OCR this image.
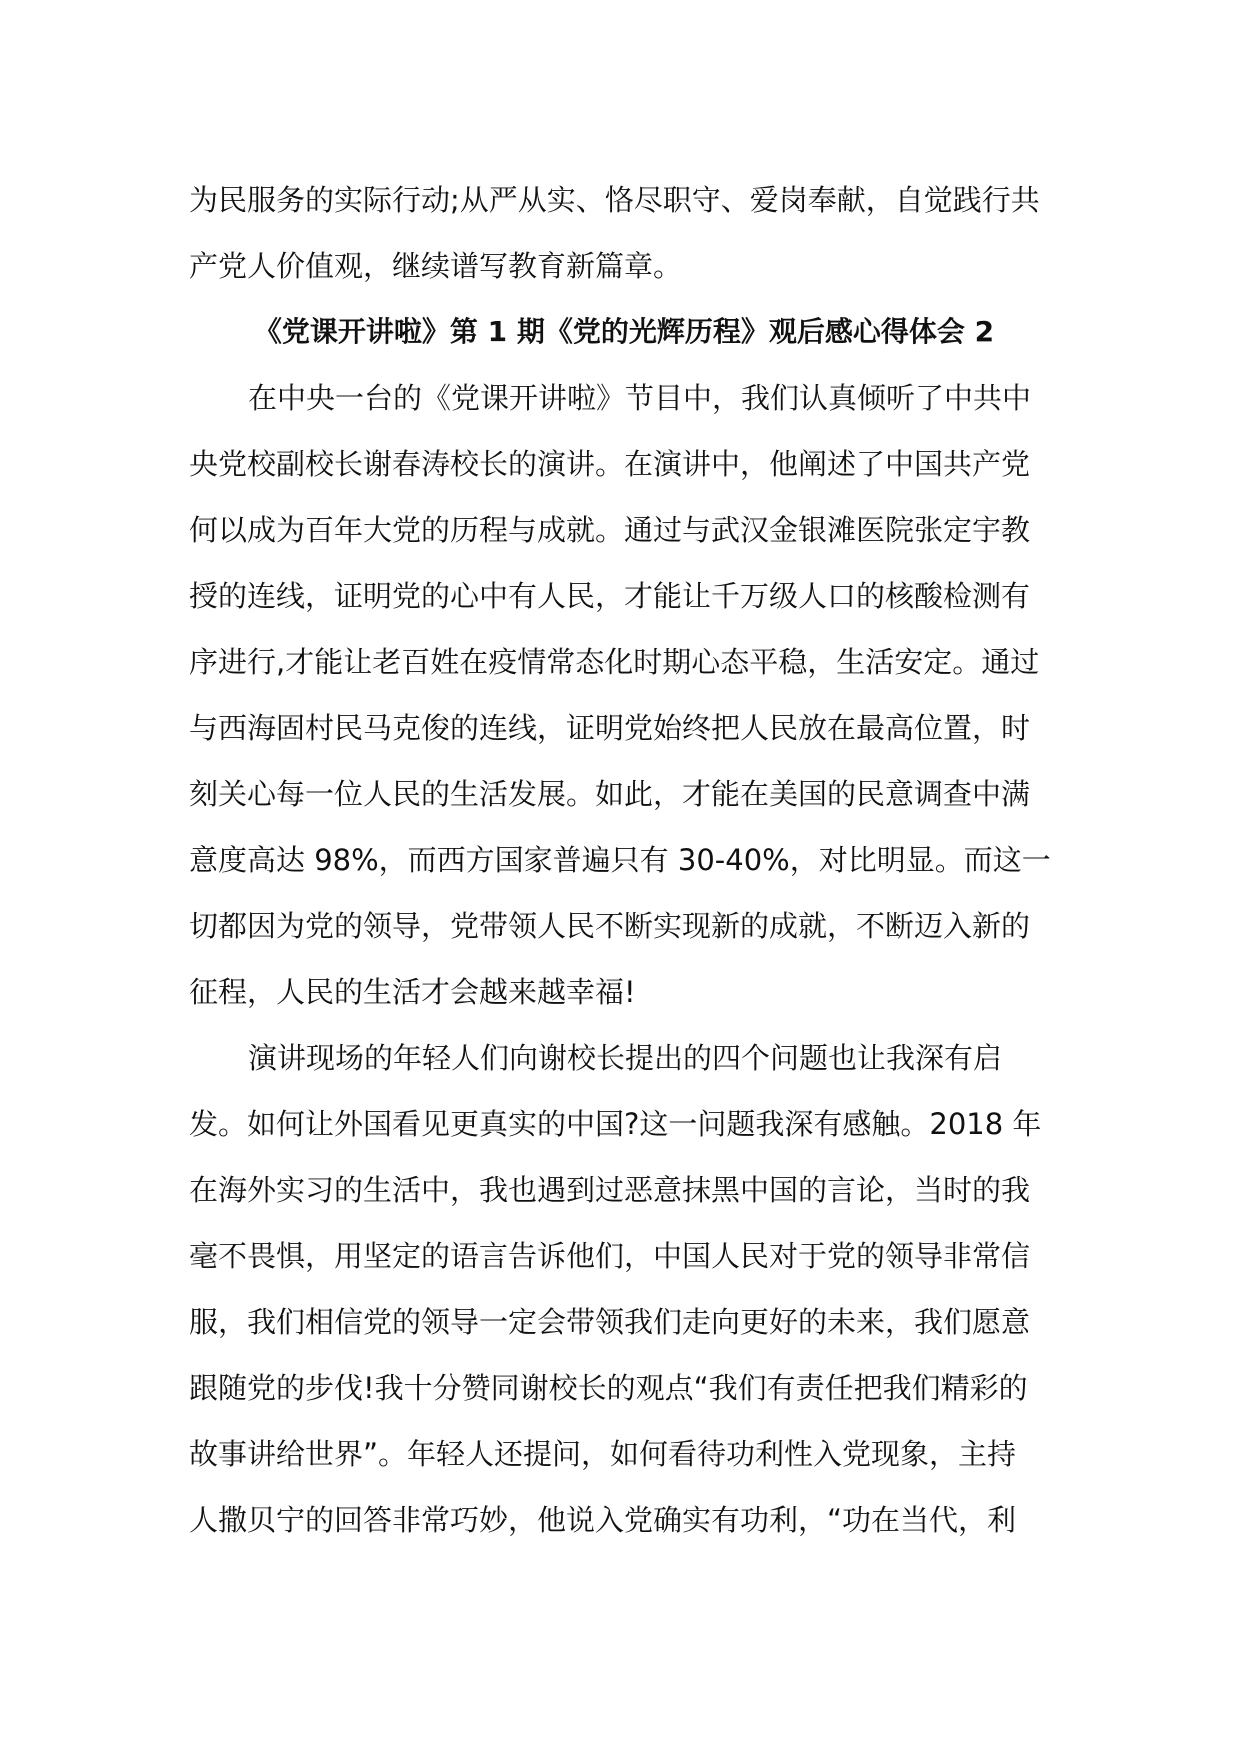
为民服务的实际行动;从严从实、恪尽职守、爱岗奉献，自觉践行共
产党人价值观，继续谱写教育新篇章。
《党课开讲啦》第 1 期《党的光辉历程》观后感心得体会 2
在中央一台的《党课开讲啦》节目中，我们认真倾听了中共中
央党校副校长谢春涛校长的演讲。在演讲中，他阐述了中国共产党
何以成为百年大党的历程与成就。通过与武汉金银滩医院张定宇教
授的连线，证明党的心中有人民，才能让千万级人口的核酸检测有
序进行,才能让老百姓在疫情常态化时期心态平稳，生活安定。通过
与西海固村民马克俊的连线，证明党始终把人民放在最高位置，时
刻关心每一位人民的生活发展。如此，才能在美国的民意调查中满
意度高达 98%，而西方国家普遍只有 30-40%，对比明显。而这一
切都因为党的领导，党带领人民不断实现新的成就，不断迈入新的
征程，人民的生活才会越来越幸福!
演讲现场的年轻人们向谢校长提出的四个问题也让我深有启
发。如何让外国看见更真实的中国?这一问题我深有感触。2018 年
在海外实习的生活中，我也遇到过恶意抹黑中国的言论，当时的我
毫不畏惧，用坚定的语言告诉他们，中国人民对于党的领导非常信
服，我们相信党的领导一定会带领我们走向更好的未来，我们愿意
跟随党的步伐!我十分赞同谢校长的观点“我们有责任把我们精彩的
故事讲给世界”。年轻人还提问，如何看待功利性入党现象，主持
人撒贝宁的回答非常巧妙，他说入党确实有功利，“功在当代，利
